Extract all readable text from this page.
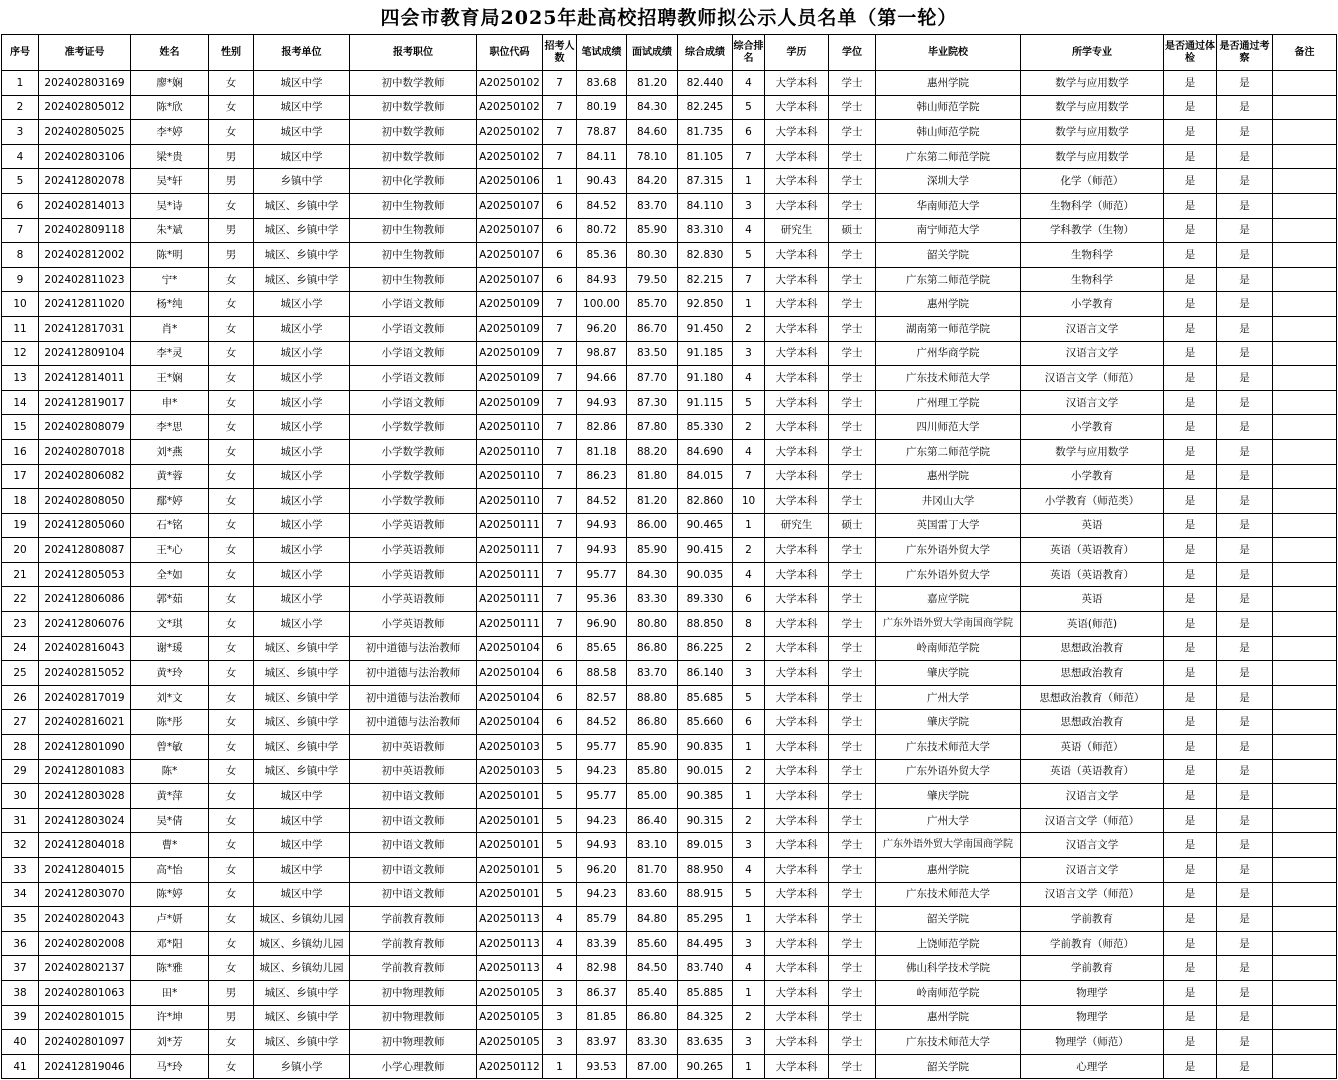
四会市教育局2025年赴高校招聘教师拟公示人员名单（第一轮）
序号	准考证号	姓名	性别	报考单位	报考职位	职位代码	招考人数	笔试成绩	面试成绩	综合成绩	综合排名	学历	学位	毕业院校	所学专业	是否通过体检	是否通过考察	备注
1	202402803169	廖*娴	女	城区中学	初中数学教师	A20250102	7	83.68	81.20	82.440	4	大学本科	学士	惠州学院	数学与应用数学	是	是	
2	202402805012	陈*欣	女	城区中学	初中数学教师	A20250102	7	80.19	84.30	82.245	5	大学本科	学士	韩山师范学院	数学与应用数学	是	是	
3	202402805025	李*婷	女	城区中学	初中数学教师	A20250102	7	78.87	84.60	81.735	6	大学本科	学士	韩山师范学院	数学与应用数学	是	是	
4	202402803106	梁*贵	男	城区中学	初中数学教师	A20250102	7	84.11	78.10	81.105	7	大学本科	学士	广东第二师范学院	数学与应用数学	是	是	
5	202412802078	吴*轩	男	乡镇中学	初中化学教师	A20250106	1	90.43	84.20	87.315	1	大学本科	学士	深圳大学	化学（师范）	是	是	
6	202402814013	吴*诗	女	城区、乡镇中学	初中生物教师	A20250107	6	84.52	83.70	84.110	3	大学本科	学士	华南师范大学	生物科学（师范）	是	是	
7	202402809118	朱*斌	男	城区、乡镇中学	初中生物教师	A20250107	6	80.72	85.90	83.310	4	研究生	硕士	南宁师范大学	学科教学（生物）	是	是	
8	202402812002	陈*明	男	城区、乡镇中学	初中生物教师	A20250107	6	85.36	80.30	82.830	5	大学本科	学士	韶关学院	生物科学	是	是	
9	202402811023	宁*	女	城区、乡镇中学	初中生物教师	A20250107	6	84.93	79.50	82.215	7	大学本科	学士	广东第二师范学院	生物科学	是	是	
10	202412811020	杨*纯	女	城区小学	小学语文教师	A20250109	7	100.00	85.70	92.850	1	大学本科	学士	惠州学院	小学教育	是	是	
11	202412817031	肖*	女	城区小学	小学语文教师	A20250109	7	96.20	86.70	91.450	2	大学本科	学士	湖南第一师范学院	汉语言文学	是	是	
12	202412809104	李*灵	女	城区小学	小学语文教师	A20250109	7	98.87	83.50	91.185	3	大学本科	学士	广州华商学院	汉语言文学	是	是	
13	202412814011	王*娴	女	城区小学	小学语文教师	A20250109	7	94.66	87.70	91.180	4	大学本科	学士	广东技术师范大学	汉语言文学（师范）	是	是	
14	202412819017	申*	女	城区小学	小学语文教师	A20250109	7	94.93	87.30	91.115	5	大学本科	学士	广州理工学院	汉语言文学	是	是	
15	202402808079	李*思	女	城区小学	小学数学教师	A20250110	7	82.86	87.80	85.330	2	大学本科	学士	四川师范大学	小学教育	是	是	
16	202402807018	刘*燕	女	城区小学	小学数学教师	A20250110	7	81.18	88.20	84.690	4	大学本科	学士	广东第二师范学院	数学与应用数学	是	是	
17	202402806082	黄*蓉	女	城区小学	小学数学教师	A20250110	7	86.23	81.80	84.015	7	大学本科	学士	惠州学院	小学教育	是	是	
18	202402808050	鄢*婷	女	城区小学	小学数学教师	A20250110	7	84.52	81.20	82.860	10	大学本科	学士	井冈山大学	小学教育（师范类）	是	是	
19	202412805060	石*铭	女	城区小学	小学英语教师	A20250111	7	94.93	86.00	90.465	1	研究生	硕士	英国雷丁大学	英语	是	是	
20	202412808087	王*心	女	城区小学	小学英语教师	A20250111	7	94.93	85.90	90.415	2	大学本科	学士	广东外语外贸大学	英语（英语教育）	是	是	
21	202412805053	全*如	女	城区小学	小学英语教师	A20250111	7	95.77	84.30	90.035	4	大学本科	学士	广东外语外贸大学	英语（英语教育）	是	是	
22	202412806086	郭*茹	女	城区小学	小学英语教师	A20250111	7	95.36	83.30	89.330	6	大学本科	学士	嘉应学院	英语	是	是	
23	202412806076	文*琪	女	城区小学	小学英语教师	A20250111	7	96.90	80.80	88.850	8	大学本科	学士	广东外语外贸大学南国商学院	英语(师范)	是	是	
24	202402816043	谢*瑗	女	城区、乡镇中学	初中道德与法治教师	A20250104	6	85.65	86.80	86.225	2	大学本科	学士	岭南师范学院	思想政治教育	是	是	
25	202402815052	黄*玲	女	城区、乡镇中学	初中道德与法治教师	A20250104	6	88.58	83.70	86.140	3	大学本科	学士	肇庆学院	思想政治教育	是	是	
26	202402817019	刘*文	女	城区、乡镇中学	初中道德与法治教师	A20250104	6	82.57	88.80	85.685	5	大学本科	学士	广州大学	思想政治教育（师范）	是	是	
27	202402816021	陈*彤	女	城区、乡镇中学	初中道德与法治教师	A20250104	6	84.52	86.80	85.660	6	大学本科	学士	肇庆学院	思想政治教育	是	是	
28	202412801090	曾*敏	女	城区、乡镇中学	初中英语教师	A20250103	5	95.77	85.90	90.835	1	大学本科	学士	广东技术师范大学	英语（师范）	是	是	
29	202412801083	陈*	女	城区、乡镇中学	初中英语教师	A20250103	5	94.23	85.80	90.015	2	大学本科	学士	广东外语外贸大学	英语（英语教育）	是	是	
30	202412803028	黄*萍	女	城区中学	初中语文教师	A20250101	5	95.77	85.00	90.385	1	大学本科	学士	肇庆学院	汉语言文学	是	是	
31	202412803024	吴*倩	女	城区中学	初中语文教师	A20250101	5	94.23	86.40	90.315	2	大学本科	学士	广州大学	汉语言文学（师范）	是	是	
32	202412804018	曹*	女	城区中学	初中语文教师	A20250101	5	94.93	83.10	89.015	3	大学本科	学士	广东外语外贸大学南国商学院	汉语言文学	是	是	
33	202412804015	高*怡	女	城区中学	初中语文教师	A20250101	5	96.20	81.70	88.950	4	大学本科	学士	惠州学院	汉语言文学	是	是	
34	202412803070	陈*婷	女	城区中学	初中语文教师	A20250101	5	94.23	83.60	88.915	5	大学本科	学士	广东技术师范大学	汉语言文学（师范）	是	是	
35	202402802043	卢*妍	女	城区、乡镇幼儿园	学前教育教师	A20250113	4	85.79	84.80	85.295	1	大学本科	学士	韶关学院	学前教育	是	是	
36	202402802008	邓*阳	女	城区、乡镇幼儿园	学前教育教师	A20250113	4	83.39	85.60	84.495	3	大学本科	学士	上饶师范学院	学前教育（师范）	是	是	
37	202402802137	陈*雅	女	城区、乡镇幼儿园	学前教育教师	A20250113	4	82.98	84.50	83.740	4	大学本科	学士	佛山科学技术学院	学前教育	是	是	
38	202402801063	田*	男	城区、乡镇中学	初中物理教师	A20250105	3	86.37	85.40	85.885	1	大学本科	学士	岭南师范学院	物理学	是	是	
39	202402801015	许*坤	男	城区、乡镇中学	初中物理教师	A20250105	3	81.85	86.80	84.325	2	大学本科	学士	惠州学院	物理学	是	是	
40	202402801097	刘*芳	女	城区、乡镇中学	初中物理教师	A20250105	3	83.97	83.30	83.635	3	大学本科	学士	广东技术师范大学	物理学（师范）	是	是	
41	202412819046	马*玲	女	乡镇小学	小学心理教师	A20250112	1	93.53	87.00	90.265	1	大学本科	学士	韶关学院	心理学	是	是	
